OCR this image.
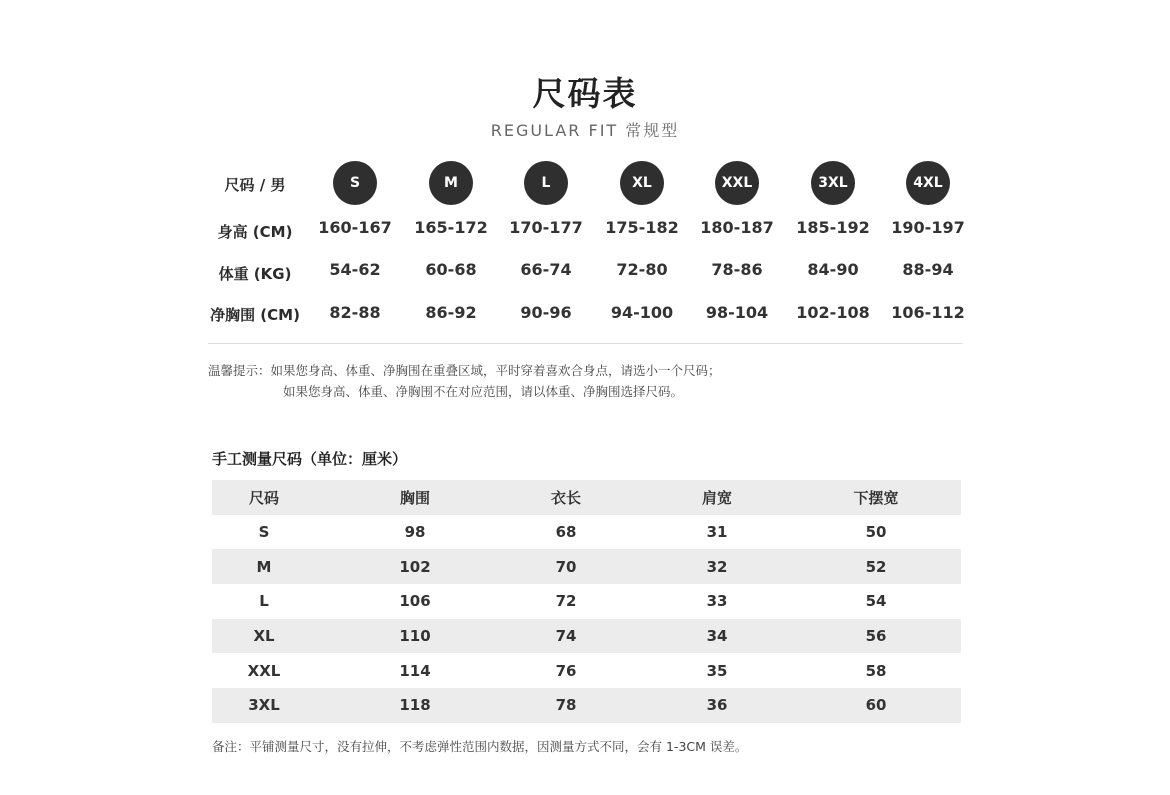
尺码表
REGULAR FIT 常规型
尺码 / 男	S	M	L	XL	XXL	3XL	4XL
身高 (CM)	160-167	165-172	170-177	175-182	180-187	185-192	190-197
体重 (KG)	54-62	60-68	66-74	72-80	78-86	84-90	88-94
净胸围 (CM)	82-88	86-92	90-96	94-100	98-104	102-108	106-112
温馨提示：如果您身高、体重、净胸围在重叠区域，平时穿着喜欢合身点，请选小一个尺码；
如果您身高、体重、净胸围不在对应范围，请以体重、净胸围选择尺码。
手工测量尺码（单位：厘米）
尺码	胸围	衣长	肩宽	下摆宽
S	98	68	31	50
M	102	70	32	52
L	106	72	33	54
XL	110	74	34	56
XXL	114	76	35	58
3XL	118	78	36	60
备注：平铺测量尺寸，没有拉伸，不考虑弹性范围内数据，因测量方式不同，会有 1-3CM 误差。
